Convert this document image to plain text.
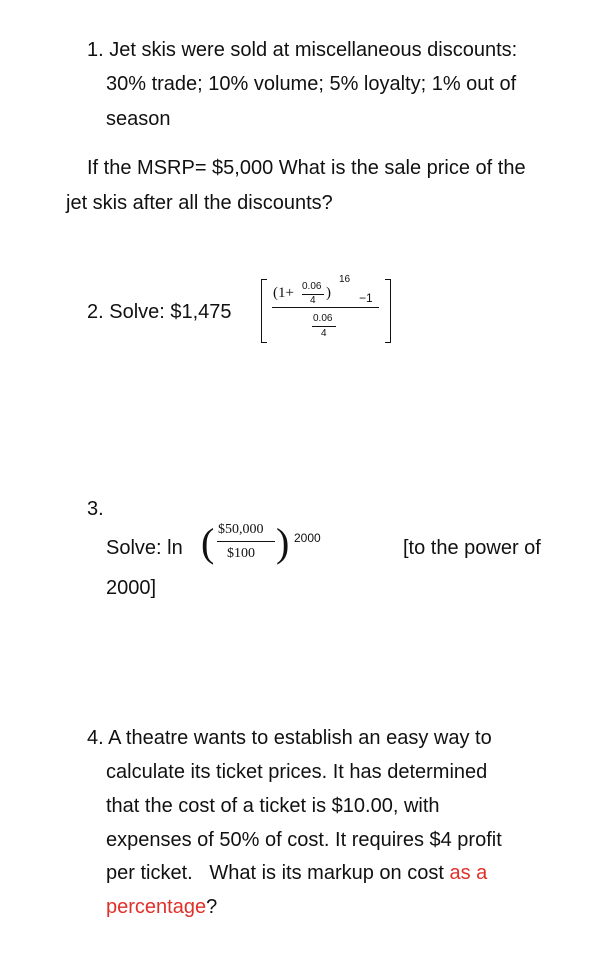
1. Jet skis were sold at miscellaneous discounts:
30% trade; 10% volume; 5% loyalty; 1% out of
season
If the MSRP= $5,000 What is the sale price of the
jet skis after all the discounts?
2. Solve: $1,475
(1+ 0.06
4 )
16
−1
0.06
4
3.
Solve: ln ( $50,000
$100 ) 2000	[to the power of
2000]
4. A theatre wants to establish an easy way to
calculate its ticket prices. It has determined
that the cost of a ticket is $10.00, with
expenses of 50% of cost. It requires $4 profit
per ticket.   What is its markup on cost as a
percentage?
